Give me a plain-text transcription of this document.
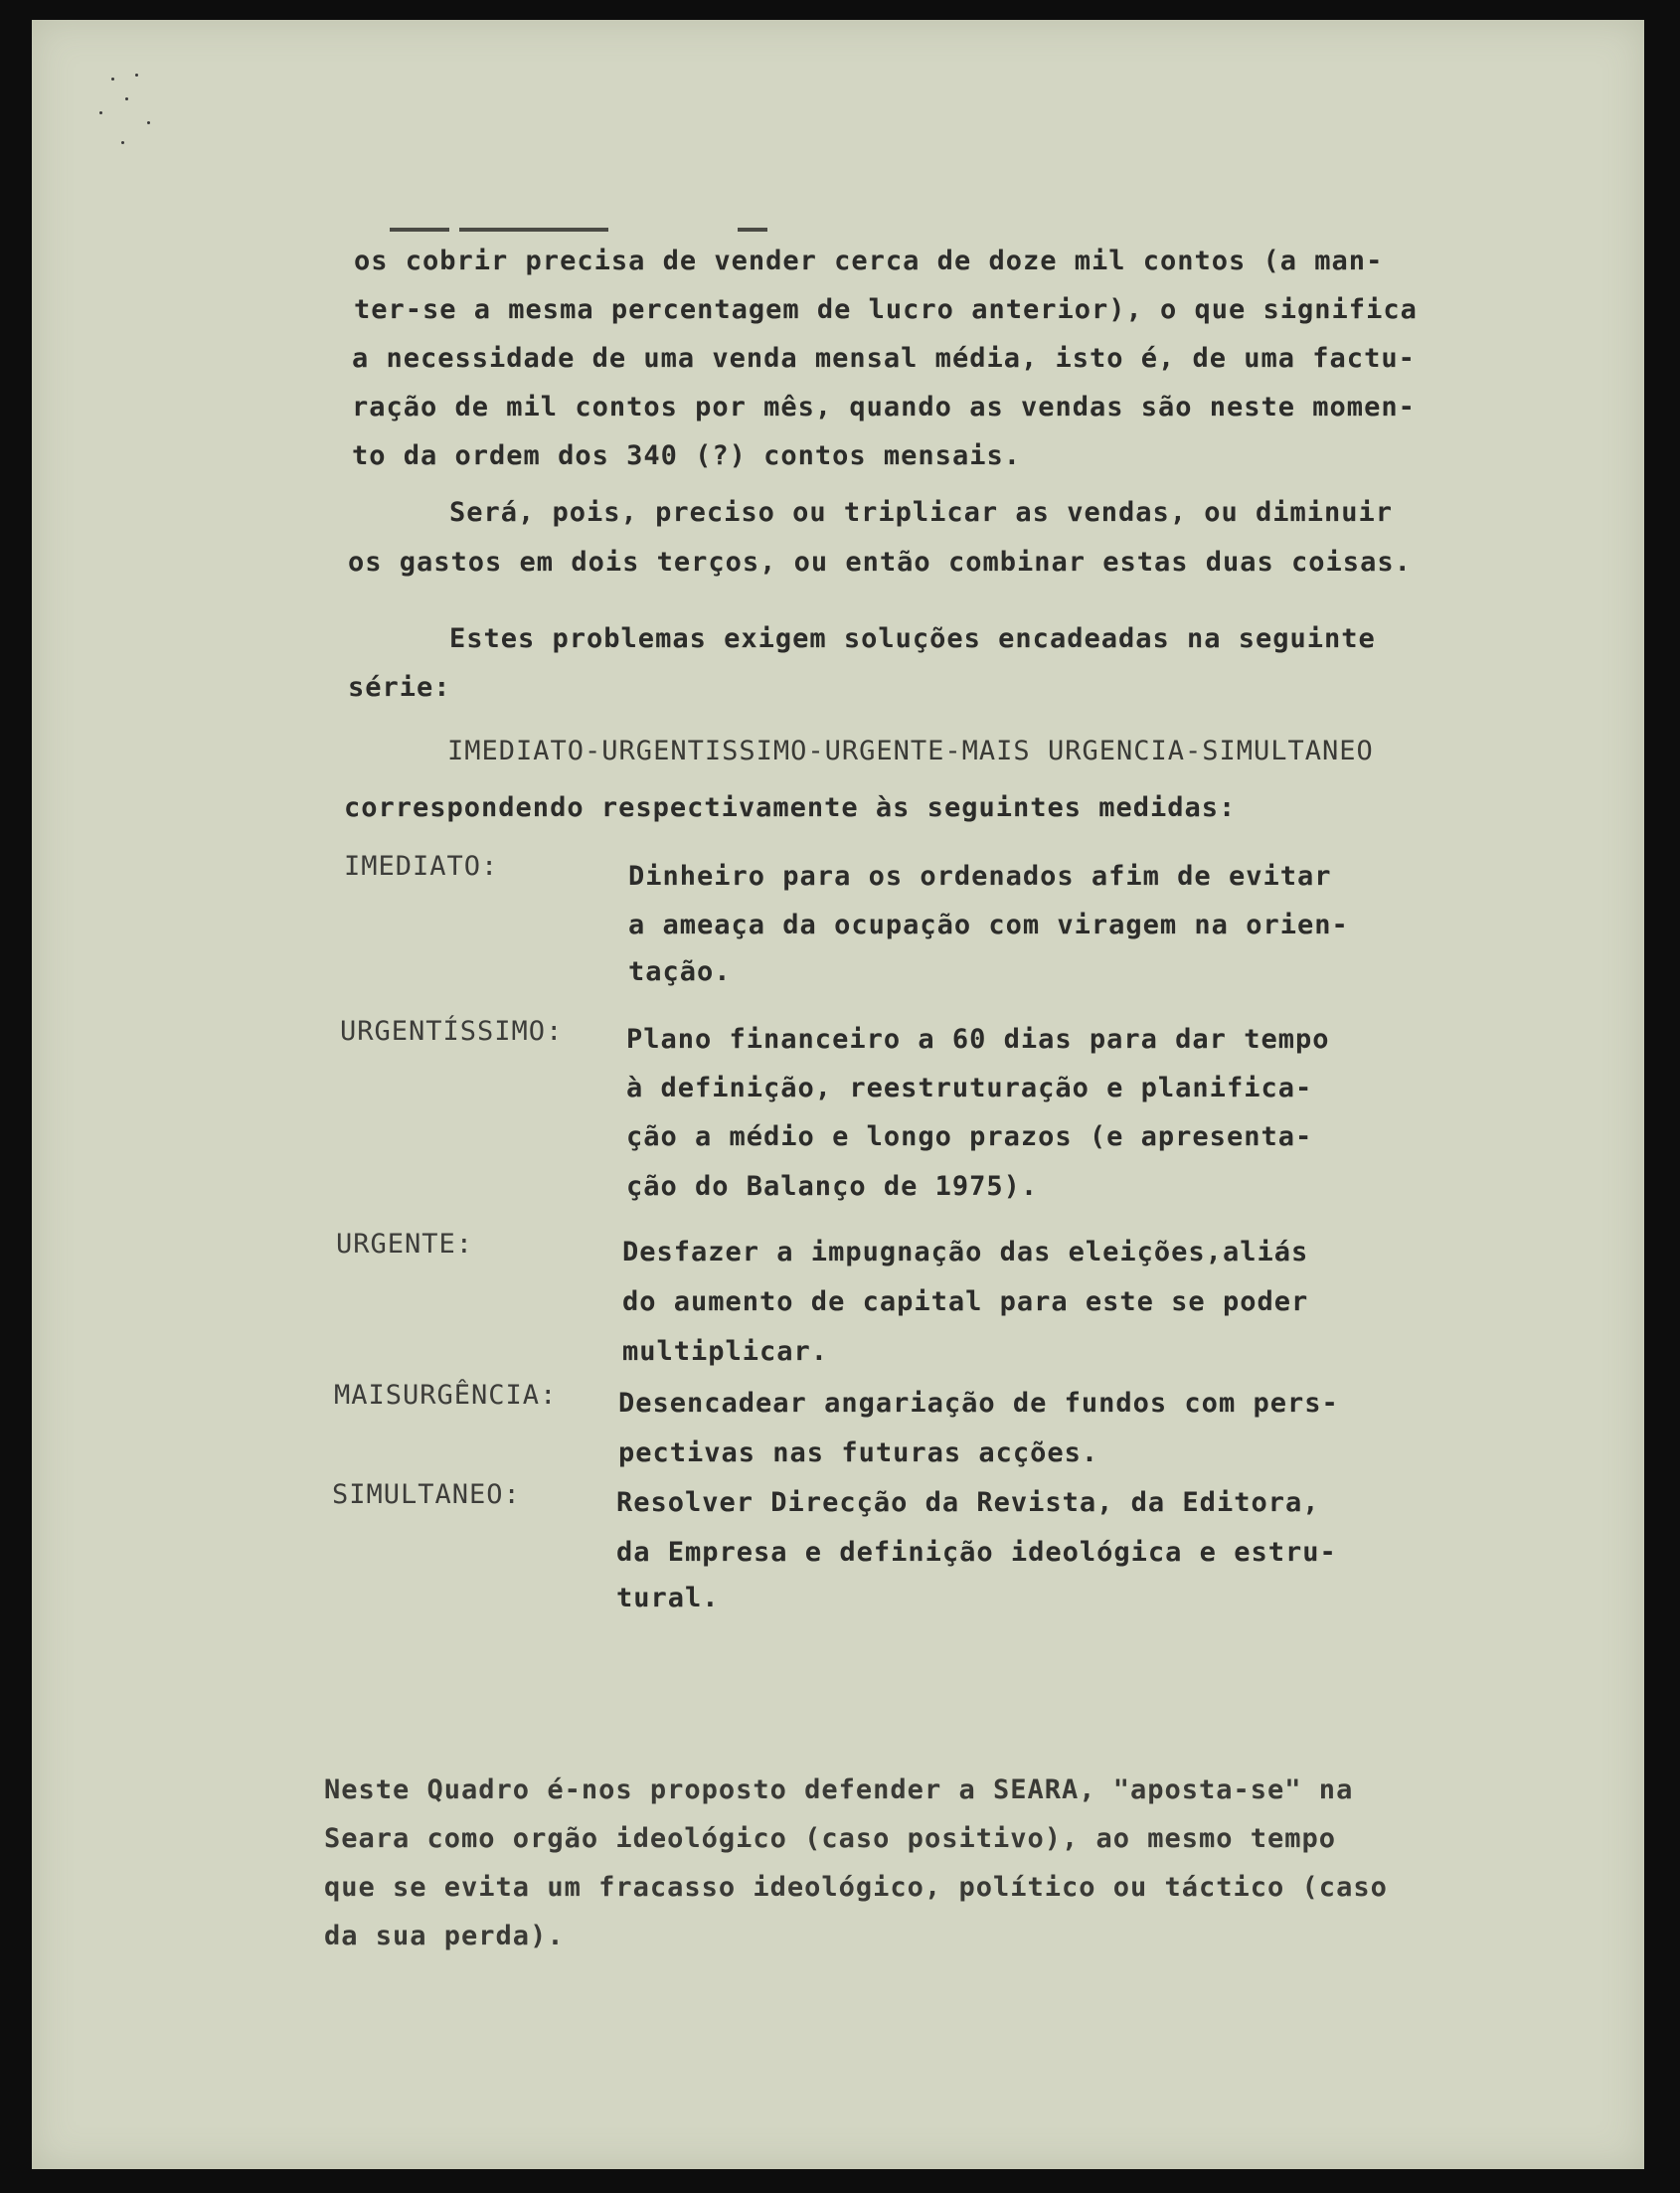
os cobrir precisa de vender cerca de doze mil contos (a man-
ter-se a mesma percentagem de lucro anterior), o que significa
a necessidade de uma venda mensal média, isto é, de uma factu-
ração de mil contos por mês, quando as vendas são neste momen-
to da ordem dos 340 (?) contos mensais.
Será, pois, preciso ou triplicar as vendas, ou diminuir
os gastos em dois terços, ou então combinar estas duas coisas.
Estes problemas exigem soluções encadeadas na seguinte
série:
IMEDIATO-URGENTISSIMO-URGENTE-MAIS URGENCIA-SIMULTANEO
correspondendo respectivamente às seguintes medidas:
IMEDIATO:	Dinheiro para os ordenados afim de evitar
a ameaça da ocupação com viragem na orien-
tação.
URGENTÍSSIMO: Plano financeiro a 60 dias para dar tempo
à definição, reestruturação e planifica-
ção a médio e longo prazos (e apresenta-
ção do Balanço de 1975).
URGENTE:	Desfazer a impugnação das eleições,aliás
do aumento de capital para este se poder
multiplicar.
MAISURGÊNCIA: Desencadear angariação de fundos com pers-
pectivas nas futuras acções.
SIMULTANEO:	Resolver Direcção da Revista, da Editora,
da Empresa e definição ideológica e estru-
tural.
Neste Quadro é-nos proposto defender a SEARA, "aposta-se" na
Seara como orgão ideológico (caso positivo), ao mesmo tempo
que se evita um fracasso ideológico, político ou táctico (caso
da sua perda).
